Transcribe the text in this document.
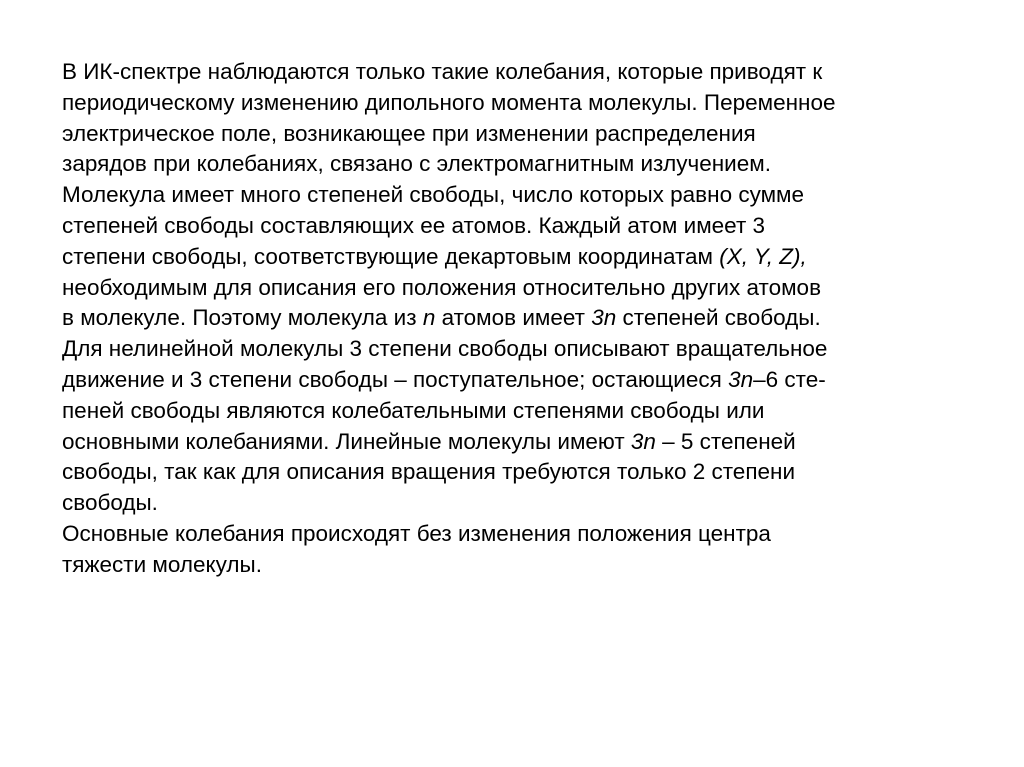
В ИК-спектре наблюдаются только такие колебания, которые приводят к
периодическому изменению дипольного момента молекулы. Переменное
электрическое поле, возникающее при изменении распределения
зарядов при колебаниях, связано с электромагнитным излучением.
Молекула имеет много степеней свободы, число которых равно сумме
степеней свободы составляющих ее атомов. Каждый атом имеет 3
степени свободы, соответствующие декартовым координатам (X, Y, Z),
необходимым для описания его положения относительно других атомов
в молекуле. Поэтому молекула из n атомов имеет 3n степеней свободы.
Для нелинейной молекулы 3 степени свободы описывают вращательное
движение и 3 степени свободы – поступательное; остающиеся 3n–6 сте-
пеней свободы являются колебательными степенями свободы или
основными колебаниями. Линейные молекулы имеют 3n – 5 степеней
свободы, так как для описания вращения требуются только 2 степени
свободы.
Основные колебания происходят без изменения положения центра
тяжести молекулы.
